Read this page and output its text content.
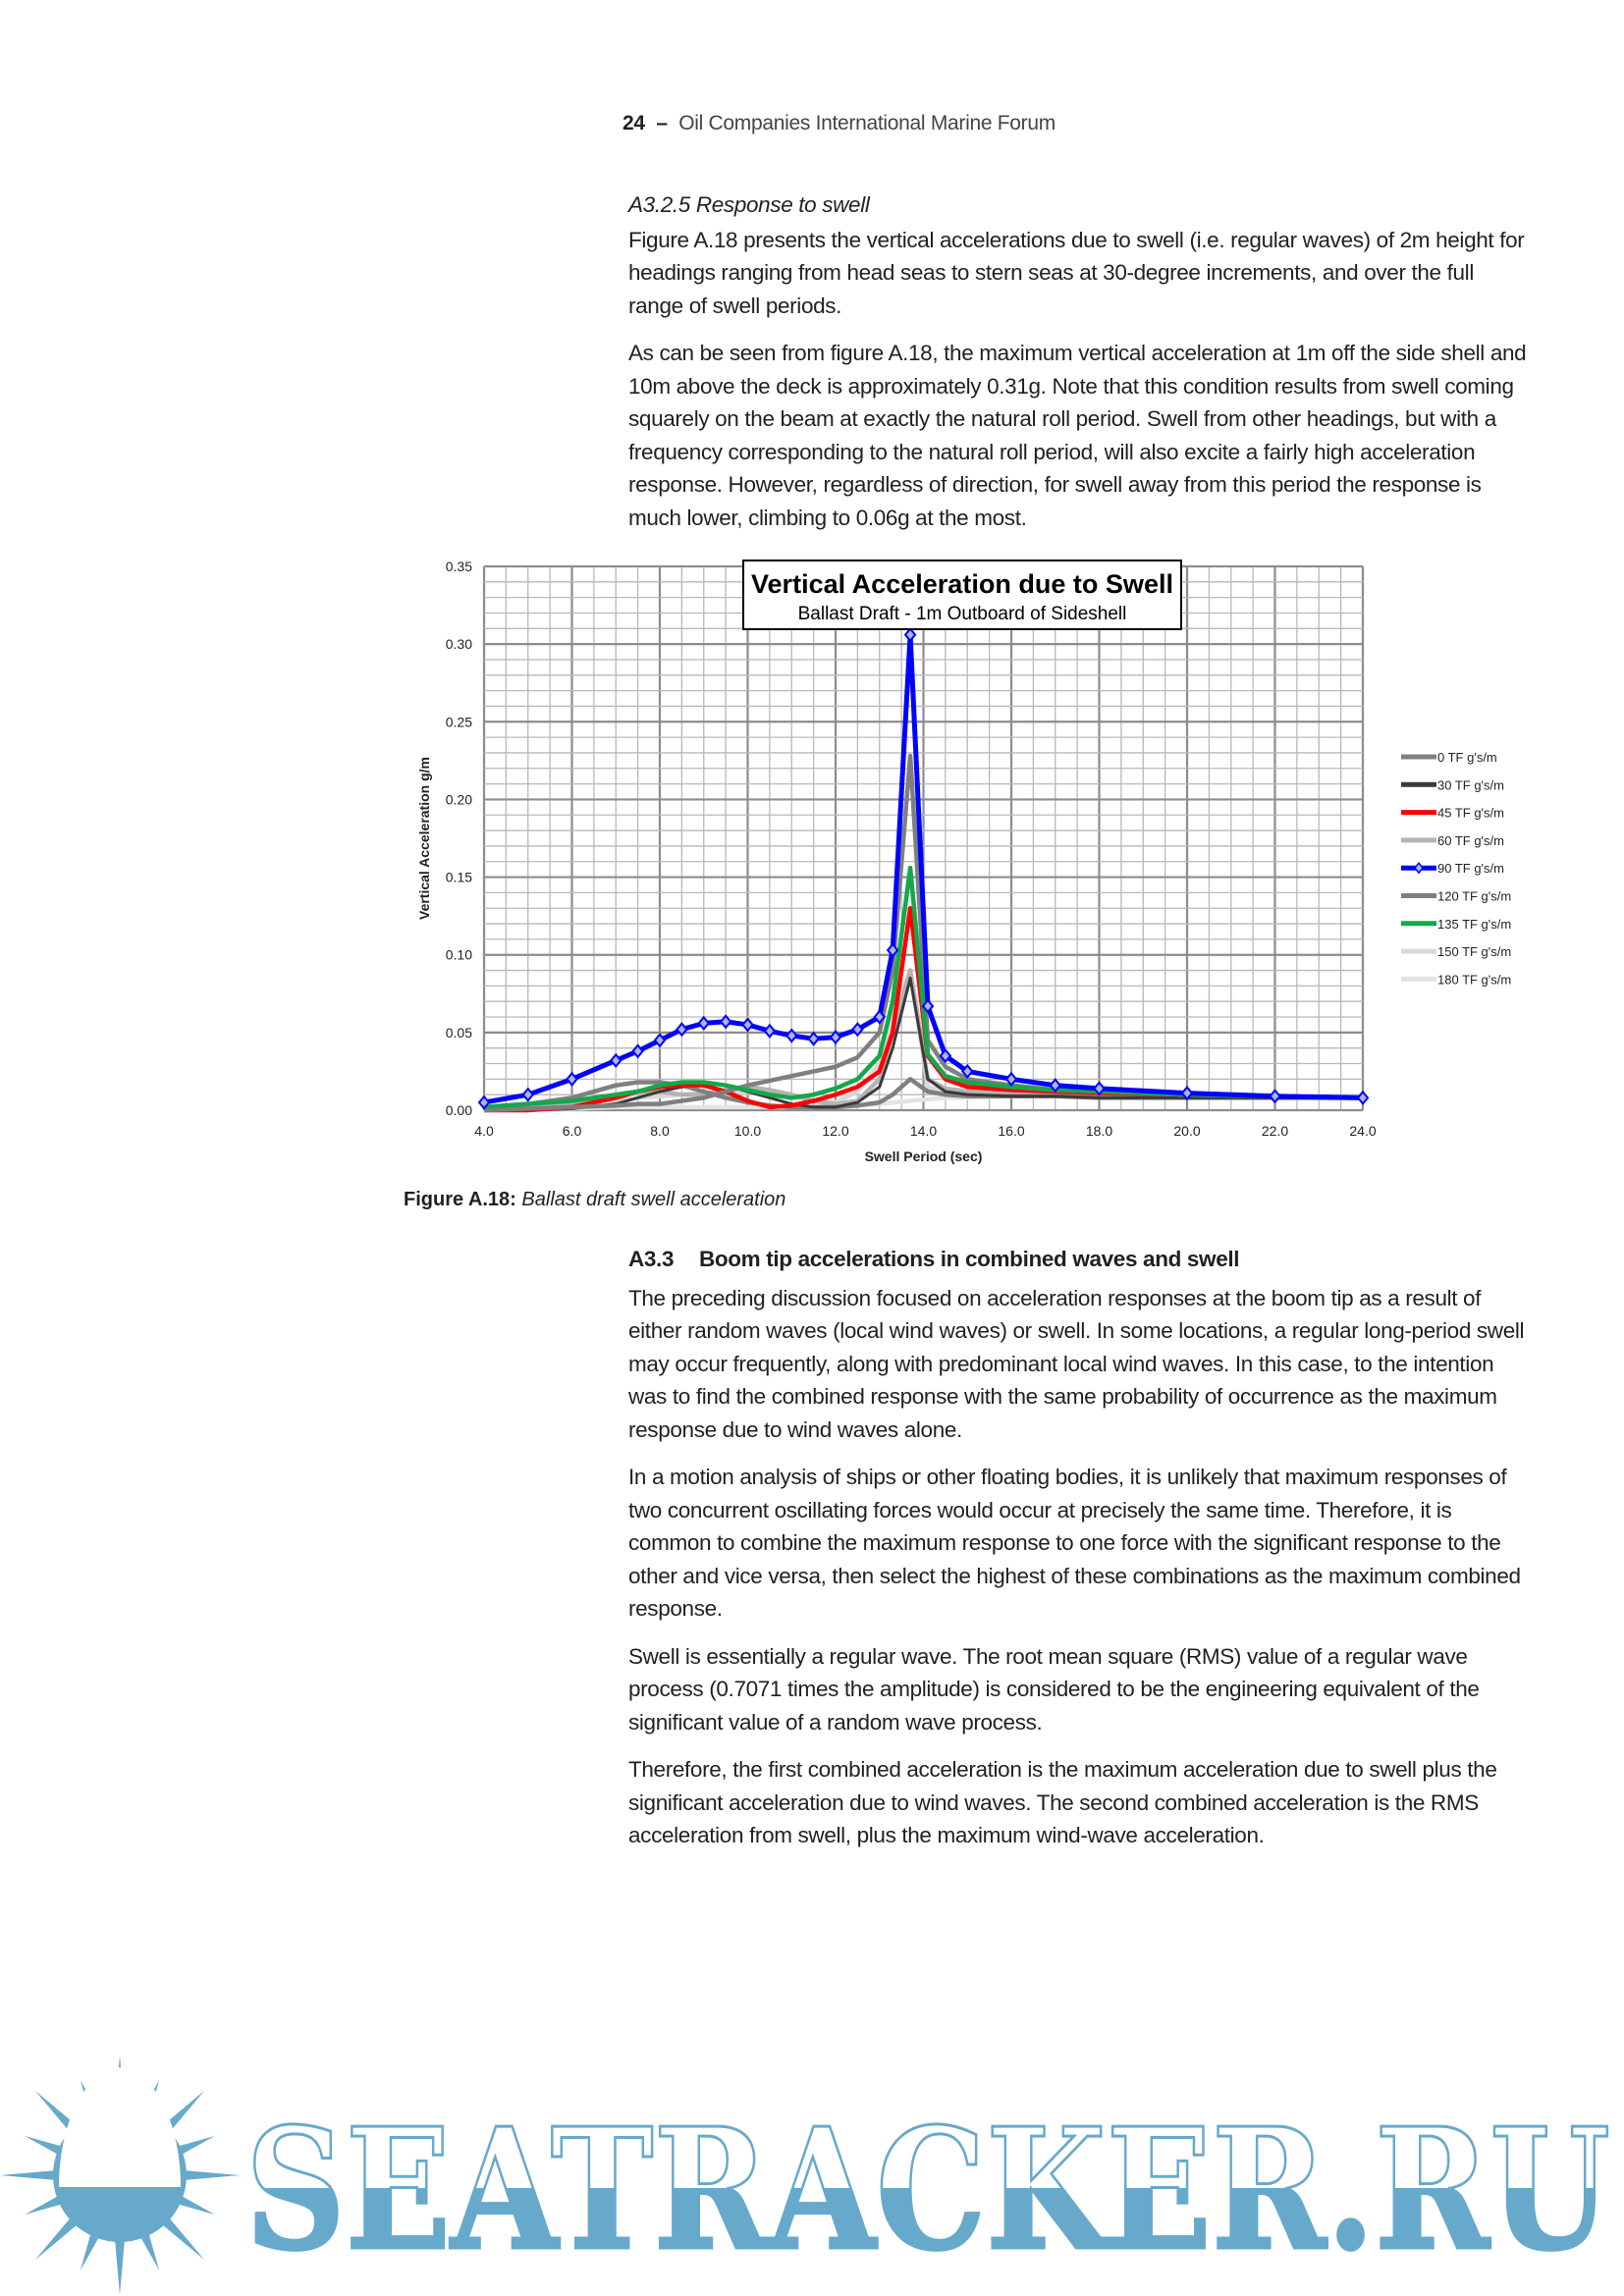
24 – Oil Companies International Marine Forum

A3.2.5 Response to swell

Figure A.18 presents the vertical accelerations due to swell (i.e. regular waves) of 2m height for headings ranging from head seas to stern seas at 30-degree increments, and over the full range of swell periods.

As can be seen from figure A.18, the maximum vertical acceleration at 1m off the side shell and 10m above the deck is approximately 0.31g. Note that this condition results from swell coming squarely on the beam at exactly the natural roll period. Swell from other headings, but with a frequency corresponding to the natural roll period, will also excite a fairly high acceleration response. However, regardless of direction, for swell away from this period the response is much lower, climbing to 0.06g at the most.

0.00
0.05
0.10
0.15
0.20
0.25
0.30
0.35
4.0	6.0	8.0	10.0	12.0	14.0	16.0	18.0	20.0	22.0	24.0
Swell Period (sec)
Vertical Acceleration g/m
Vertical Acceleration due to Swell
Ballast Draft - 1m Outboard of Sideshell
0 TF g's/m
30 TF g's/m
45 TF g's/m
60 TF g's/m
90 TF g's/m
120 TF g's/m
135 TF g's/m
150 TF g's/m
180 TF g's/m
Figure A.18: Ballast draft swell acceleration

A3.3 Boom tip accelerations in combined waves and swell

The preceding discussion focused on acceleration responses at the boom tip as a result of either random waves (local wind waves) or swell. In some locations, a regular long-period swell may occur frequently, along with predominant local wind waves. In this case, to the intention was to find the combined response with the same probability of occurrence as the maximum response due to wind waves alone.

In a motion analysis of ships or other floating bodies, it is unlikely that maximum responses of two concurrent oscillating forces would occur at precisely the same time. Therefore, it is common to combine the maximum response to one force with the significant response to the other and vice versa, then select the highest of these combinations as the maximum combined response.

Swell is essentially a regular wave. The root mean square (RMS) value of a regular wave process (0.7071 times the amplitude) is considered to be the engineering equivalent of the significant value of a random wave process.

Therefore, the first combined acceleration is the maximum acceleration due to swell plus the significant acceleration due to wind waves. The second combined acceleration is the RMS acceleration from swell, plus the maximum wind-wave acceleration.

SEATRACKER.RU
